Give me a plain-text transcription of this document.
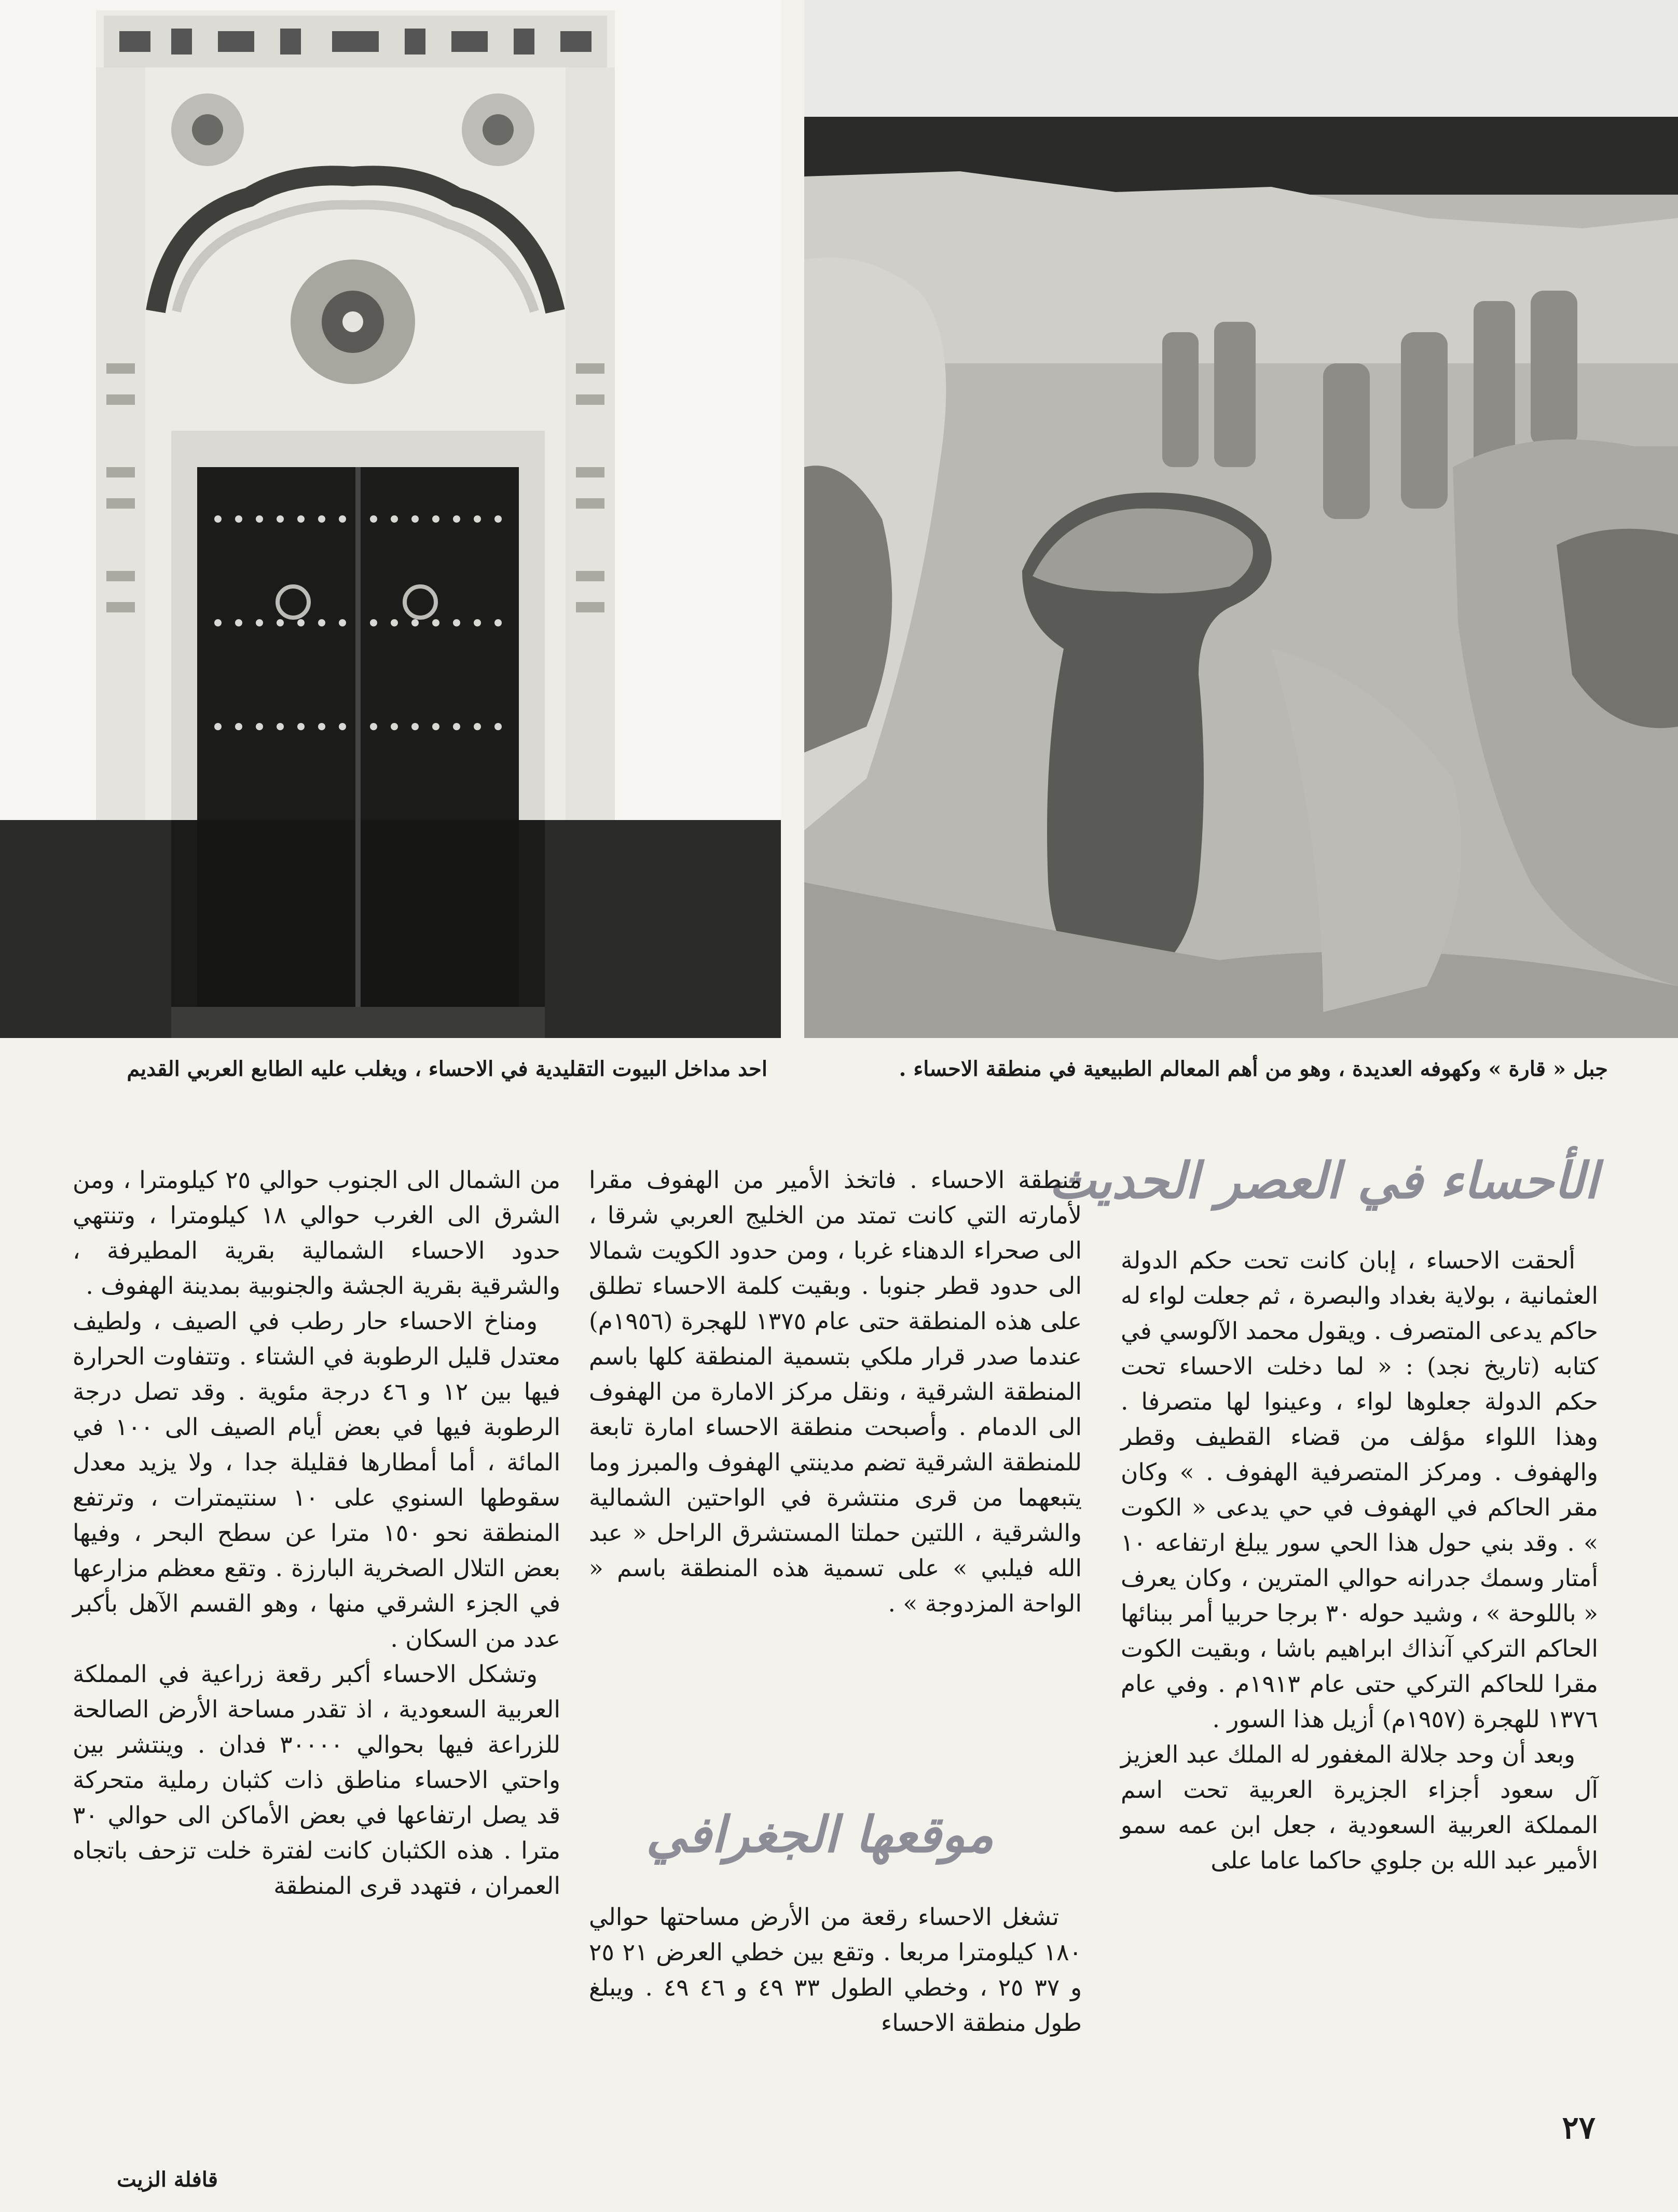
جبل « قارة » وكهوفه العديدة ، وهو من أهم المعالم الطبيعية في منطقة الاحساء .
احد مداخل البيوت التقليدية في الاحساء ، ويغلب عليه الطابع العربي القديم
الأحساء في العصر الحديث
موقعها الجغرافي

ألحقت الاحساء ، إبان كانت تحت حكم الدولة العثمانية ، بولاية بغداد والبصرة ، ثم جعلت لواء له حاكم يدعى المتصرف . ويقول محمد الآلوسي في كتابه (تاريخ نجد) : « لما دخلت الاحساء تحت حكم الدولة جعلوها لواء ، وعينوا لها متصرفا . وهذا اللواء مؤلف من قضاء القطيف وقطر والهفوف . ومركز المتصرفية الهفوف . » وكان مقر الحاكم في الهفوف في حي يدعى « الكوت » . وقد بني حول هذا الحي سور يبلغ ارتفاعه ١٠ أمتار وسمك جدرانه حوالي المترين ، وكان يعرف « باللوحة » ، وشيد حوله ٣٠ برجا حربيا أمر ببنائها الحاكم التركي آنذاك ابراهيم باشا ، وبقيت الكوت مقرا للحاكم التركي حتى عام ١٩١٣م . وفي عام ١٣٧٦ للهجرة (١٩٥٧م) أزيل هذا السور .

وبعد أن وحد جلالة المغفور له الملك عبد العزيز آل سعود أجزاء الجزيرة العربية تحت اسم المملكة العربية السعودية ، جعل ابن عمه سمو الأمير عبد الله بن جلوي حاكما عاما على

منطقة الاحساء . فاتخذ الأمير من الهفوف مقرا لأمارته التي كانت تمتد من الخليج العربي شرقا ، الى صحراء الدهناء غربا ، ومن حدود الكويت شمالا الى حدود قطر جنوبا . وبقيت كلمة الاحساء تطلق على هذه المنطقة حتى عام ١٣٧٥ للهجرة (١٩٥٦م) عندما صدر قرار ملكي بتسمية المنطقة كلها باسم المنطقة الشرقية ، ونقل مركز الامارة من الهفوف الى الدمام . وأصبحت منطقة الاحساء امارة تابعة للمنطقة الشرقية تضم مدينتي الهفوف والمبرز وما يتبعهما من قرى منتشرة في الواحتين الشمالية والشرقية ، اللتين حملتا المستشرق الراحل « عبد الله فيلبي » على تسمية هذه المنطقة باسم « الواحة المزدوجة » .

تشغل الاحساء رقعة من الأرض مساحتها حوالي ١٨٠ كيلومترا مربعا . وتقع بين خطي العرض ٢١ ٢٥ و ٣٧ ٢٥ ، وخطي الطول ٣٣ ٤٩ و ٤٦ ٤٩ . ويبلغ طول منطقة الاحساء

من الشمال الى الجنوب حوالي ٢٥ كيلومترا ، ومن الشرق الى الغرب حوالي ١٨ كيلومترا ، وتنتهي حدود الاحساء الشمالية بقرية المطيرفة ، والشرقية بقرية الجشة والجنوبية بمدينة الهفوف .

ومناخ الاحساء حار رطب في الصيف ، ولطيف معتدل قليل الرطوبة في الشتاء . وتتفاوت الحرارة فيها بين ١٢ و ٤٦ درجة مئوية . وقد تصل درجة الرطوبة فيها في بعض أيام الصيف الى ١٠٠ في المائة ، أما أمطارها فقليلة جدا ، ولا يزيد معدل سقوطها السنوي على ١٠ سنتيمترات ، وترتفع المنطقة نحو ١٥٠ مترا عن سطح البحر ، وفيها بعض التلال الصخرية البارزة . وتقع معظم مزارعها في الجزء الشرقي منها ، وهو القسم الآهل بأكبر عدد من السكان .

وتشكل الاحساء أكبر رقعة زراعية في المملكة العربية السعودية ، اذ تقدر مساحة الأرض الصالحة للزراعة فيها بحوالي ٣٠٠٠٠ فدان . وينتشر بين واحتي الاحساء مناطق ذات كثبان رملية متحركة قد يصل ارتفاعها في بعض الأماكن الى حوالي ٣٠ مترا . هذه الكثبان كانت لفترة خلت تزحف باتجاه العمران ، فتهدد قرى المنطقة

٢٧
قافلة الزيت
